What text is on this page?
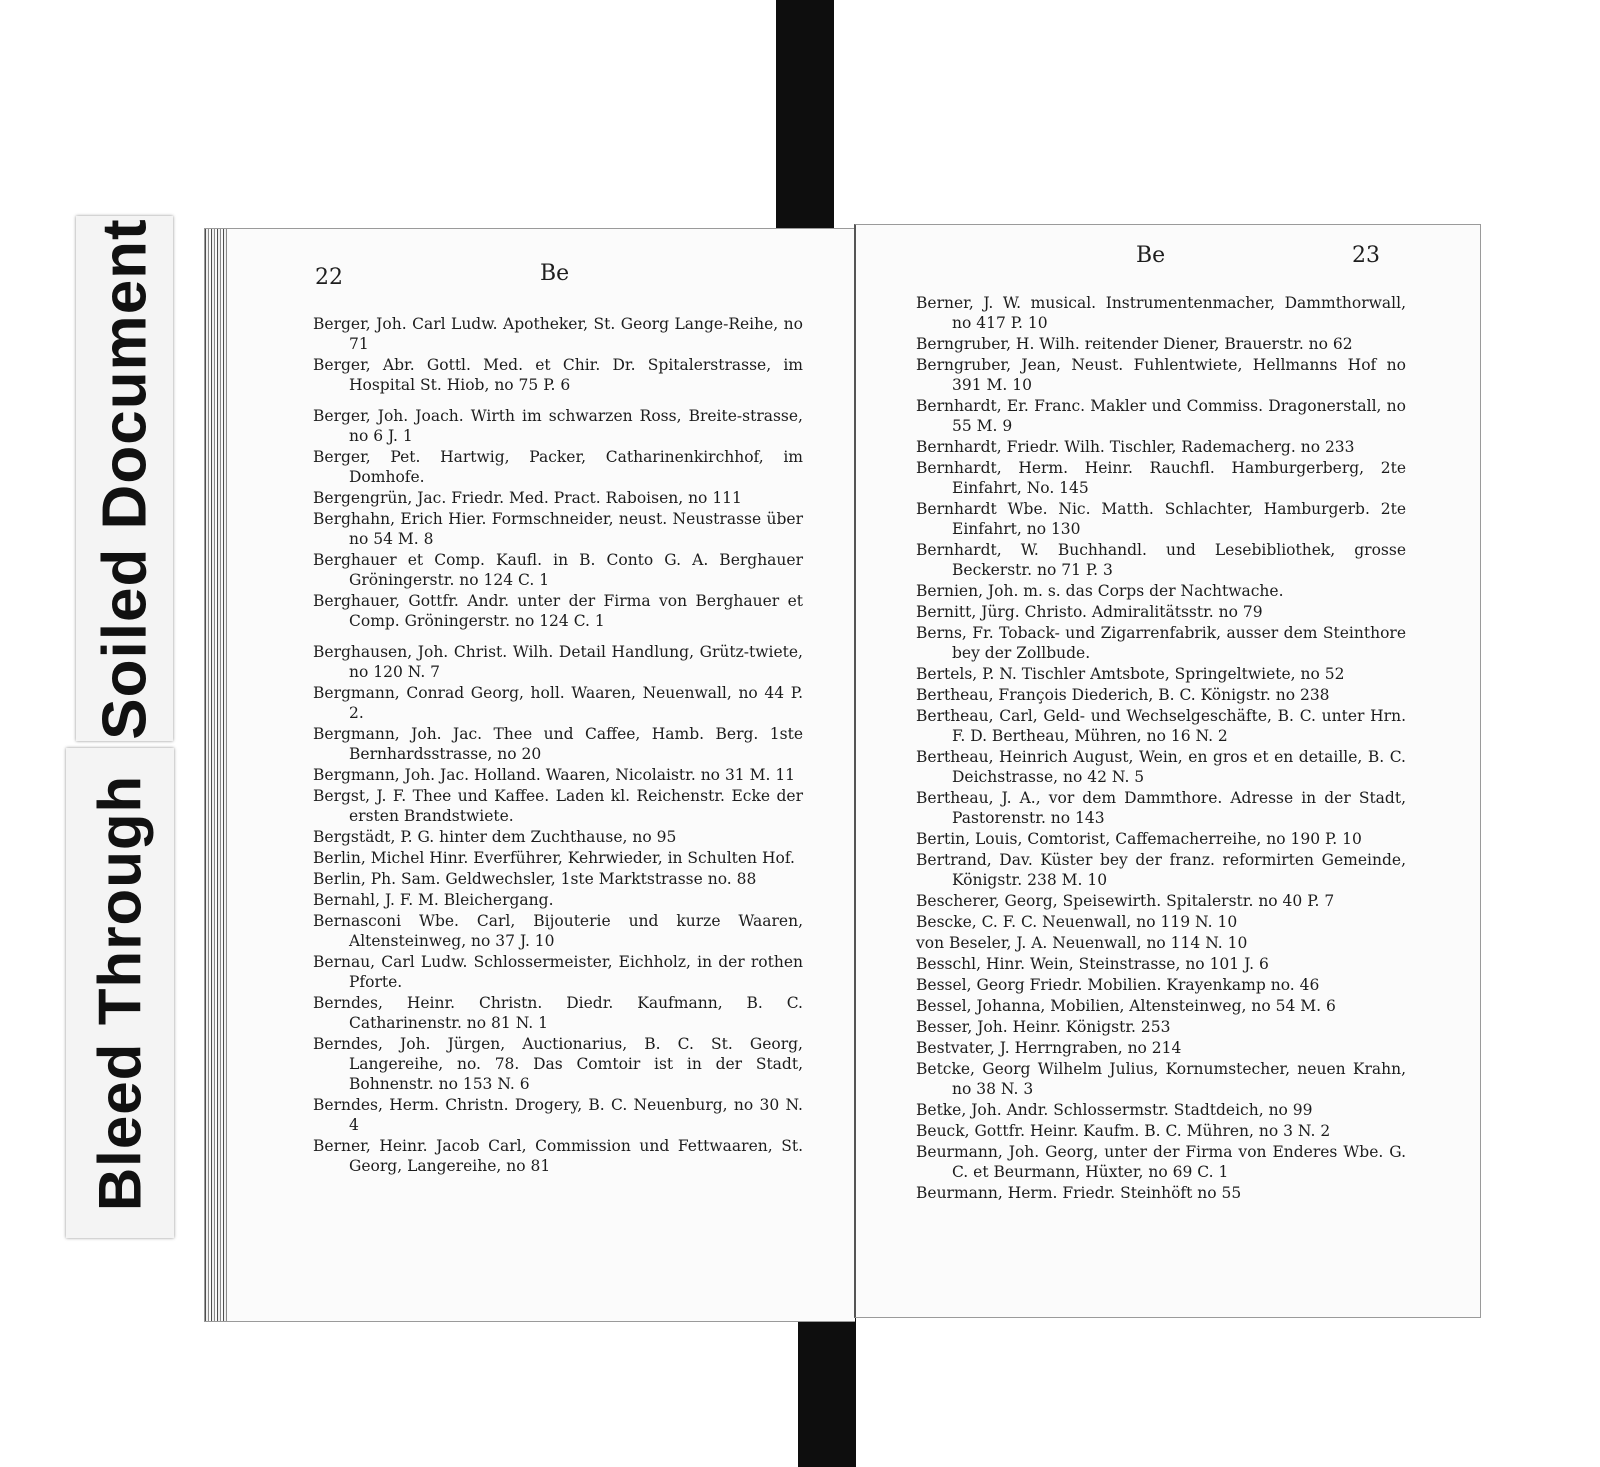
Soiled Document
Bleed Through
22	Be
Berger, Joh. Carl Ludw. Apotheker, St. Georg Lange-Reihe, no 71
Berger, Abr. Gottl. Med. et Chir. Dr. Spitalerstrasse, im Hospital St. Hiob, no 75 P. 6
Berger, Joh. Joach. Wirth im schwarzen Ross, Breite-strasse, no 6 J. 1
Berger, Pet. Hartwig, Packer, Catharinenkirchhof, im Domhofe.
Bergengrün, Jac. Friedr. Med. Pract. Raboisen, no 111
Berghahn, Erich Hier. Formschneider, neust. Neustrasse über no 54 M. 8
Berghauer et Comp. Kaufl. in B. Conto G. A. Berghauer Gröningerstr. no 124 C. 1
Berghauer, Gottfr. Andr. unter der Firma von Berghauer et Comp. Gröningerstr. no 124 C. 1
Berghausen, Joh. Christ. Wilh. Detail Handlung, Grütz-twiete, no 120 N. 7
Bergmann, Conrad Georg, holl. Waaren, Neuenwall, no 44 P. 2.
Bergmann, Joh. Jac. Thee und Caffee, Hamb. Berg. 1ste Bernhardsstrasse, no 20
Bergmann, Joh. Jac. Holland. Waaren, Nicolaistr. no 31 M. 11
Bergst, J. F. Thee und Kaffee. Laden kl. Reichenstr. Ecke der ersten Brandstwiete.
Bergstädt, P. G. hinter dem Zuchthause, no 95
Berlin, Michel Hinr. Everführer, Kehrwieder, in Schulten Hof.
Berlin, Ph. Sam. Geldwechsler, 1ste Marktstrasse no. 88
Bernahl, J. F. M. Bleichergang.
Bernasconi Wbe. Carl, Bijouterie und kurze Waaren, Altensteinweg, no 37 J. 10
Bernau, Carl Ludw. Schlossermeister, Eichholz, in der rothen Pforte.
Berndes, Heinr. Christn. Diedr. Kaufmann, B. C. Catharinenstr. no 81 N. 1
Berndes, Joh. Jürgen, Auctionarius, B. C. St. Georg, Langereihe, no. 78. Das Comtoir ist in der Stadt, Bohnenstr. no 153 N. 6
Berndes, Herm. Christn. Drogery, B. C. Neuenburg, no 30 N. 4
Berner, Heinr. Jacob Carl, Commission und Fettwaaren, St. Georg, Langereihe, no 81
Be	23
Berner, J. W. musical. Instrumentenmacher, Dammthorwall, no 417 P. 10
Berngruber, H. Wilh. reitender Diener, Brauerstr. no 62
Berngruber, Jean, Neust. Fuhlentwiete, Hellmanns Hof no 391 M. 10
Bernhardt, Er. Franc. Makler und Commiss. Dragonerstall, no 55 M. 9
Bernhardt, Friedr. Wilh. Tischler, Rademacherg. no 233
Bernhardt, Herm. Heinr. Rauchfl. Hamburgerberg, 2te Einfahrt, No. 145
Bernhardt Wbe. Nic. Matth. Schlachter, Hamburgerb. 2te Einfahrt, no 130
Bernhardt, W. Buchhandl. und Lesebibliothek, grosse Beckerstr. no 71 P. 3
Bernien, Joh. m. s. das Corps der Nachtwache.
Bernitt, Jürg. Christo. Admiralitätsstr. no 79
Berns, Fr. Toback- und Zigarrenfabrik, ausser dem Steinthore bey der Zollbude.
Bertels, P. N. Tischler Amtsbote, Springeltwiete, no 52
Bertheau, François Diederich, B. C. Königstr. no 238
Bertheau, Carl, Geld- und Wechselgeschäfte, B. C. unter Hrn. F. D. Bertheau, Mühren, no 16 N. 2
Bertheau, Heinrich August, Wein, en gros et en detaille, B. C. Deichstrasse, no 42 N. 5
Bertheau, J. A., vor dem Dammthore. Adresse in der Stadt, Pastorenstr. no 143
Bertin, Louis, Comtorist, Caffemacherreihe, no 190 P. 10
Bertrand, Dav. Küster bey der franz. reformirten Gemeinde, Königstr. 238 M. 10
Bescherer, Georg, Speisewirth. Spitalerstr. no 40 P. 7
Bescke, C. F. C. Neuenwall, no 119 N. 10
von Beseler, J. A. Neuenwall, no 114 N. 10
Besschl, Hinr. Wein, Steinstrasse, no 101 J. 6
Bessel, Georg Friedr. Mobilien. Krayenkamp no. 46
Bessel, Johanna, Mobilien, Altensteinweg, no 54 M. 6
Besser, Joh. Heinr. Königstr. 253
Bestvater, J. Herrngraben, no 214
Betcke, Georg Wilhelm Julius, Kornumstecher, neuen Krahn, no 38 N. 3
Betke, Joh. Andr. Schlossermstr. Stadtdeich, no 99
Beuck, Gottfr. Heinr. Kaufm. B. C. Mühren, no 3 N. 2
Beurmann, Joh. Georg, unter der Firma von Enderes Wbe. G. C. et Beurmann, Hüxter, no 69 C. 1
Beurmann, Herm. Friedr. Steinhöft no 55
